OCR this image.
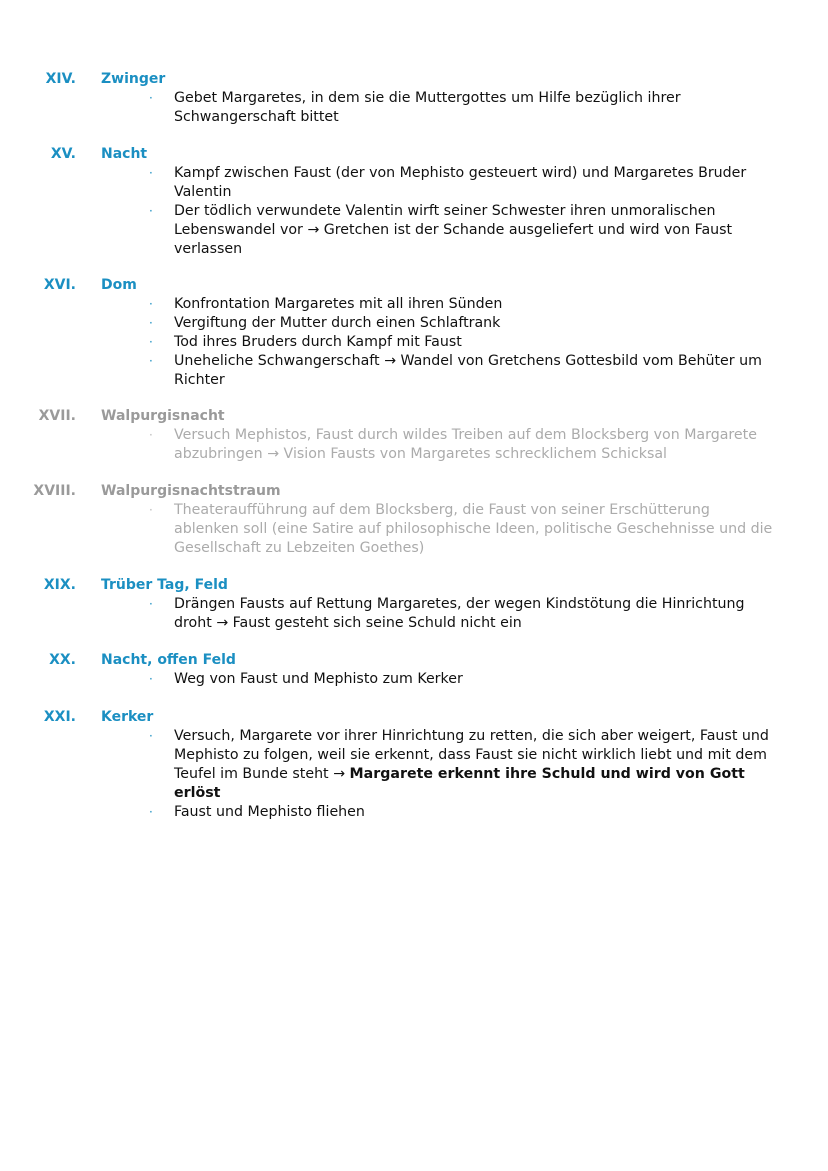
XIV. Zwinger
· Gebet Margaretes, in dem sie die Muttergottes um Hilfe bezüglich ihrer Schwangerschaft bittet
XV. Nacht
· Kampf zwischen Faust (der von Mephisto gesteuert wird) und Margaretes Bruder Valentin
· Der tödlich verwundete Valentin wirft seiner Schwester ihren unmoralischen Lebenswandel vor → Gretchen ist der Schande ausgeliefert und wird von Faust verlassen
XVI. Dom
· Konfrontation Margaretes mit all ihren Sünden
· Vergiftung der Mutter durch einen Schlaftrank
· Tod ihres Bruders durch Kampf mit Faust
· Uneheliche Schwangerschaft → Wandel von Gretchens Gottesbild vom Behüter um Richter
XVII. Walpurgisnacht
· Versuch Mephistos, Faust durch wildes Treiben auf dem Blocksberg von Margarete abzubringen → Vision Fausts von Margaretes schrecklichem Schicksal
XVIII. Walpurgisnachtstraum
· Theateraufführung auf dem Blocksberg, die Faust von seiner Erschütterung ablenken soll (eine Satire auf philosophische Ideen, politische Geschehnisse und die Gesellschaft zu Lebzeiten Goethes)
XIX. Trüber Tag, Feld
· Drängen Fausts auf Rettung Margaretes, der wegen Kindstötung die Hinrichtung droht → Faust gesteht sich seine Schuld nicht ein
XX. Nacht, offen Feld
· Weg von Faust und Mephisto zum Kerker
XXI. Kerker
· Versuch, Margarete vor ihrer Hinrichtung zu retten, die sich aber weigert, Faust und Mephisto zu folgen, weil sie erkennt, dass Faust sie nicht wirklich liebt und mit dem Teufel im Bunde steht → Margarete erkennt ihre Schuld und wird von Gott erlöst
· Faust und Mephisto fliehen
